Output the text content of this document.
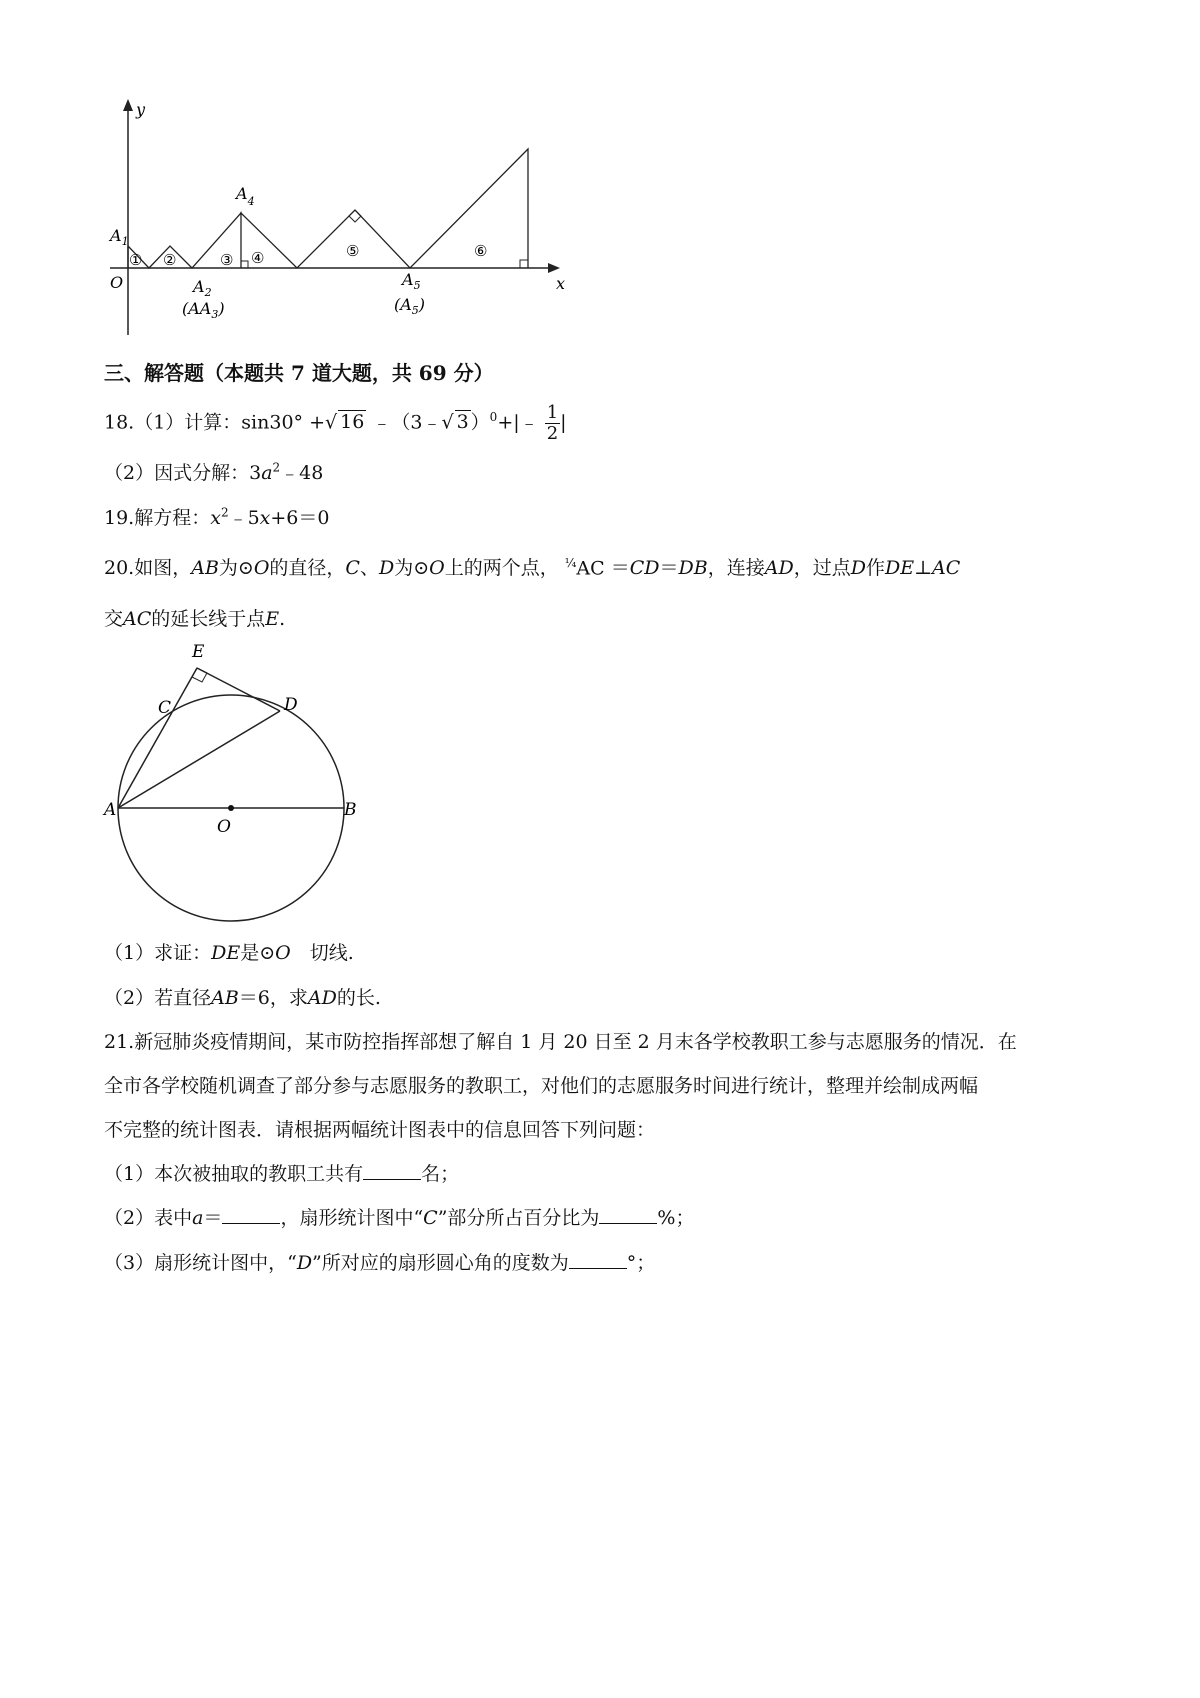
y
x
O
$A_1$
$A_2$
$(AA_3)$
$A_4$
$A_5$
$(A_5)$
① ②	③ ④	⑤	⑥
三、解答题（本题共 7 道大题，共 69 分）
18.（1）计算：sin30° +√ 16 ﹣（3﹣√ 3 ）$^0$+|﹣ $\frac{1}{2}$ |
（2）因式分解：$3a^2﹣48$
19.解方程：$x^2﹣5x+6=0$
20.如图，AB为⊙O的直径，C、D为⊙O上的两个点， $^{\frac{1}{4}}$AC ＝CD＝DB，连接AD，过点D作DE⊥AC
交AC的延长线于点E.
E
C	D
A
O
B
（1）求证：DE是⊙O　切线.
（2）若直径AB＝6，求AD的长.
21.新冠肺炎疫情期间，某市防控指挥部想了解自 1 月 20 日至 2 月末各学校教职工参与志愿服务的情况．在
全市各学校随机调查了部分参与志愿服务的教职工，对他们的志愿服务时间进行统计，整理并绘制成两幅
不完整的统计图表．请根据两幅统计图表中的信息回答下列问题：
（1）本次被抽取的教职工共有	名；
（2）表中a＝	，扇形统计图中“C”部分所占百分比为	%；
（3）扇形统计图中，“D”所对应的扇形圆心角的度数为	°；
